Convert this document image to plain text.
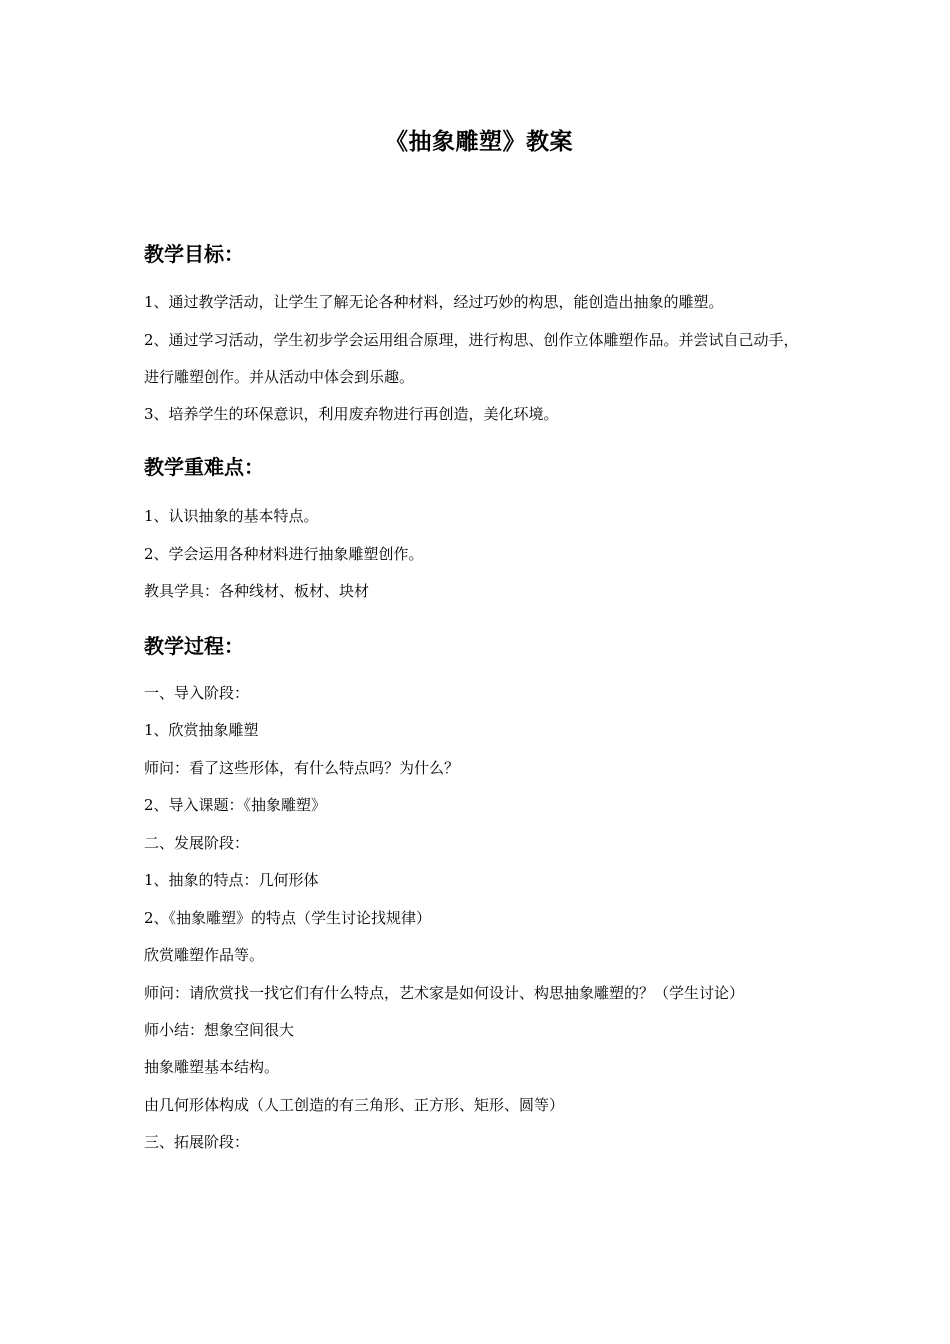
《抽象雕塑》教案
教学目标：

1、通过教学活动，让学生了解无论各种材料，经过巧妙的构思，能创造出抽象的雕塑。

2、通过学习活动，学生初步学会运用组合原理，进行构思、创作立体雕塑作品。并尝试自己动手，进行雕塑创作。并从活动中体会到乐趣。

3、培养学生的环保意识，利用废弃物进行再创造，美化环境。

教学重难点：

1、认识抽象的基本特点。

2、学会运用各种材料进行抽象雕塑创作。

教具学具：各种线材、板材、块材

教学过程：

一、导入阶段：

1、欣赏抽象雕塑

师问：看了这些形体，有什么特点吗？为什么？

2、导入课题：《抽象雕塑》

二、发展阶段：

1、抽象的特点：几何形体

2、《抽象雕塑》的特点（学生讨论找规律）

欣赏雕塑作品等。

师问：请欣赏找一找它们有什么特点，艺术家是如何设计、构思抽象雕塑的？（学生讨论）

师小结：想象空间很大

抽象雕塑基本结构。

由几何形体构成（人工创造的有三角形、正方形、矩形、圆等）

三、拓展阶段：
